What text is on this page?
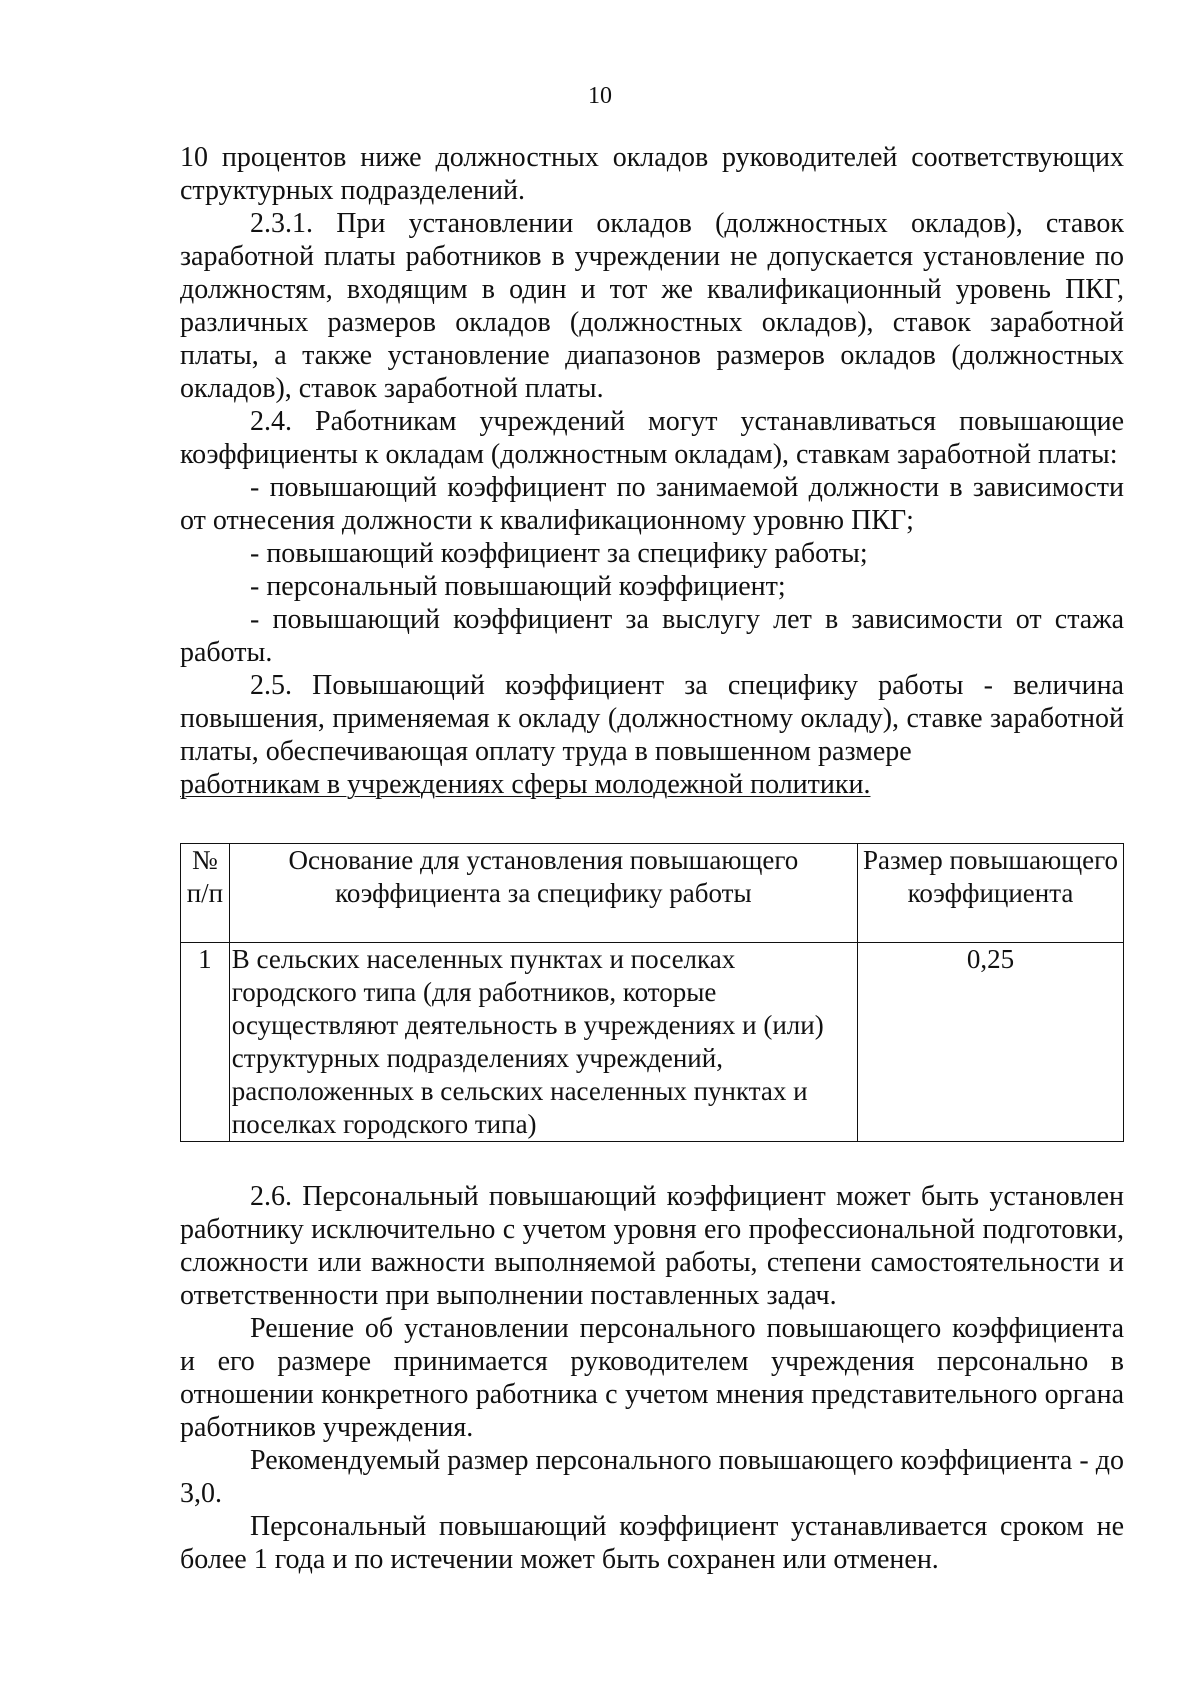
10

10 процентов ниже должностных окладов руководителей соответствующих структурных подразделений.

2.3.1. При установлении окладов (должностных окладов), ставок заработной платы работников в учреждении не допускается установление по должностям, входящим в один и тот же квалификационный уровень ПКГ, различных размеров окладов (должностных окладов), ставок заработной платы, а также установление диапазонов размеров окладов (должностных окладов), ставок заработной платы.

2.4. Работникам учреждений могут устанавливаться повышающие коэффициенты к окладам (должностным окладам), ставкам заработной платы:

- повышающий коэффициент по занимаемой должности в зависимости от отнесения должности к квалификационному уровню ПКГ;

- повышающий коэффициент за специфику работы;

- персональный повышающий коэффициент;

- повышающий коэффициент за выслугу лет в зависимости от стажа работы.

2.5. Повышающий коэффициент за специфику работы - величина повышения, применяемая к окладу (должностному окладу), ставке заработной платы, обеспечивающая оплату труда в повышенном размере

работникам в учреждениях сферы молодежной политики.

№ п/п	Основание для установления повышающего коэффициента за специфику работы	Размер повышающего коэффициента
1	В сельских населенных пунктах и поселках городского типа (для работников, которые осуществляют деятельность в учреждениях и (или) структурных подразделениях учреждений, расположенных в сельских населенных пунктах и поселках городского типа)	0,25

2.6. Персональный повышающий коэффициент может быть установлен работнику исключительно с учетом уровня его профессиональной подготовки, сложности или важности выполняемой работы, степени самостоятельности и ответственности при выполнении поставленных задач.

Решение об установлении персонального повышающего коэффициента и его размере принимается руководителем учреждения персонально в отношении конкретного работника с учетом мнения представительного органа работников учреждения.

Рекомендуемый размер персонального повышающего коэффициента - до 3,0.

Персональный повышающий коэффициент устанавливается сроком не более 1 года и по истечении может быть сохранен или отменен.
